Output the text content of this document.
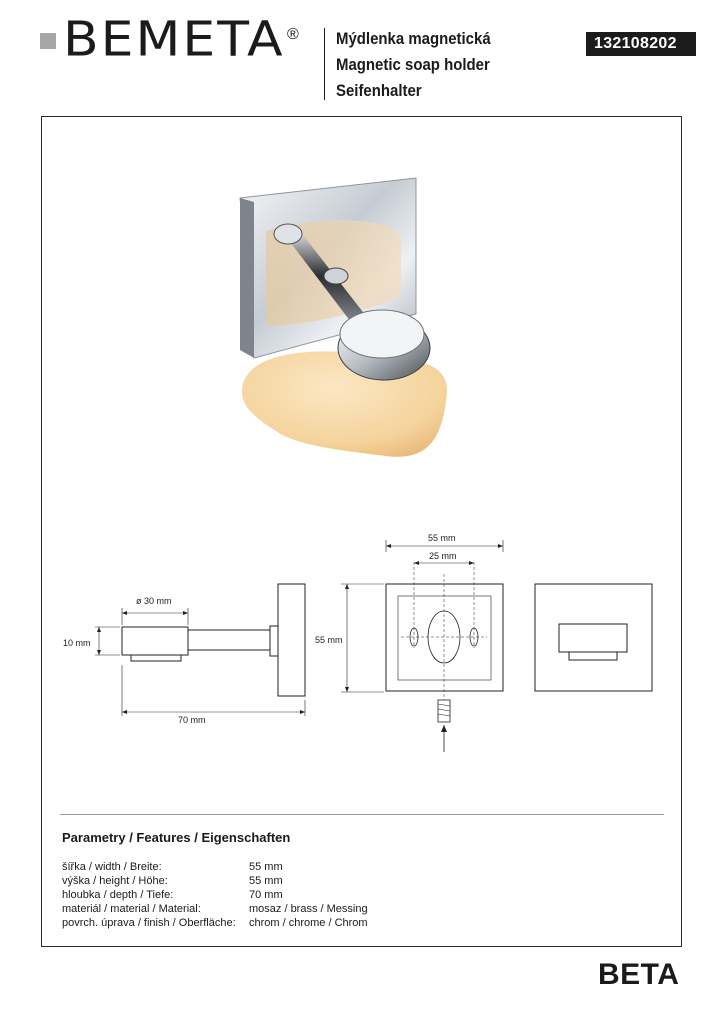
BEMETA ® Mýdlenka magnetická
Magnetic soap holder
Seifenhalter
132108202
ø 30 mm
10 mm
70 mm
55 mm
55 mm
25 mm
Parametry / Features / Eigenschaften
šířka / width / Breite:	55 mm
výška / height / Höhe:	55 mm
hloubka / depth / Tiefe:	70 mm
materiál / material / Material:	mosaz / brass / Messing
povrch. úprava / finish / Oberfläche:	chrom / chrome / Chrom
BETA
